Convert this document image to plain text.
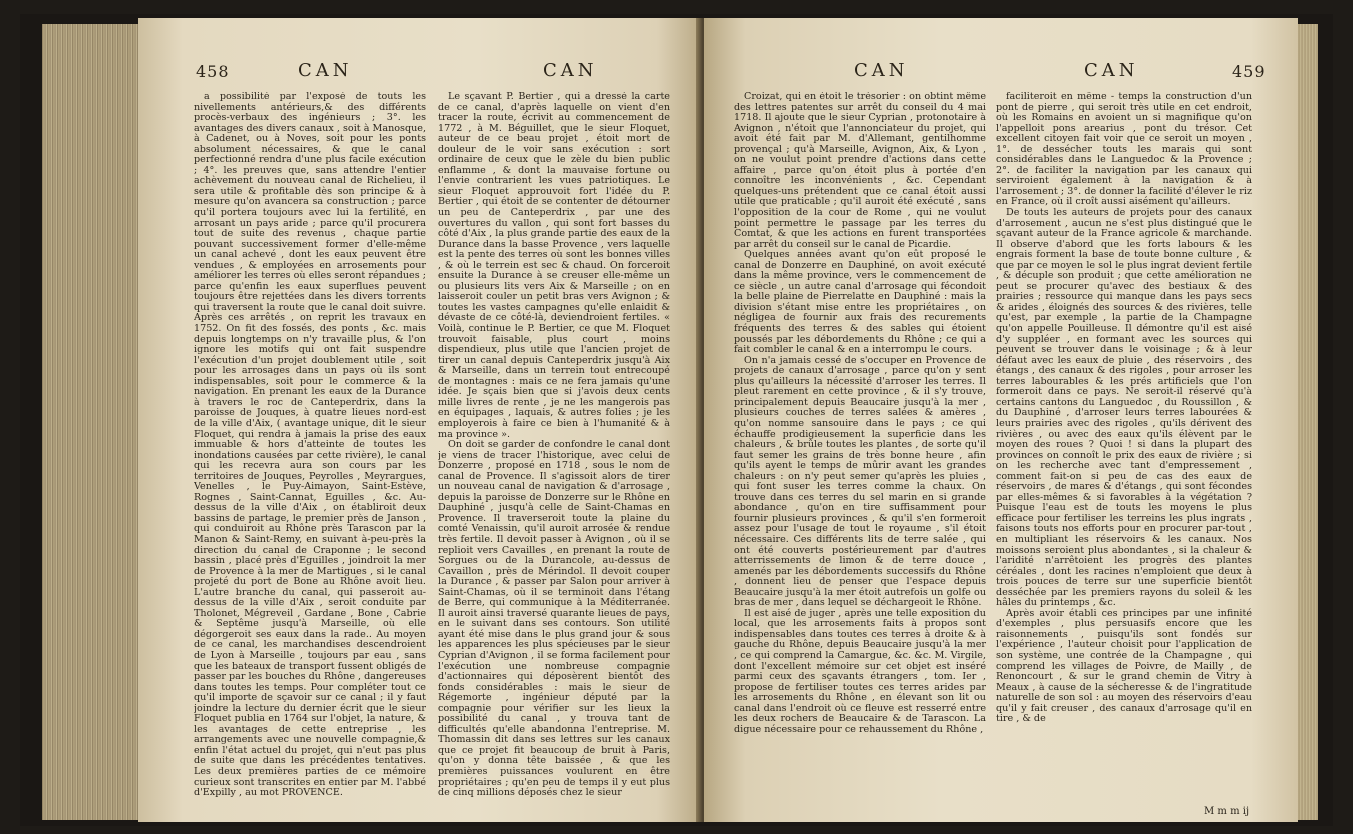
458	CAN	CAN

a possibilité par l'exposé de touts les nivellements antérieurs,& des différents procès-verbaux des ingénieurs ; 3°. les avantages des divers canaux , soit à Manosque, à Cadenet, ou à Noves, soit pour les ponts absolument nécessaires, & que le canal perfectionné rendra d'une plus facile exécution ; 4°. les preuves que, sans attendre l'entier achèvement du nouveau canal de Richelieu, il sera utile & profitable dès son principe & à mesure qu'on avancera sa construction ; parce qu'il portera toujours avec lui la fertilité, en arrosant un pays aride ; parce qu'il procurera tout de suite des revenus , chaque partie pouvant successivement former d'elle-même un canal achevé , dont les eaux peuvent être vendues , & employées en arrosements pour améliorer les terres où elles seront répandues ; parce qu'enfin les eaux superflues peuvent toujours être rejettées dans les divers torrents qui traversent la route que le canal doit suivre. Après ces arrêtés , on reprit les travaux en 1752. On fit des fossés, des ponts , &c. mais depuis longtemps on n'y travaille plus, & l'on ignore les motifs qui ont fait suspendre l'exécution d'un projet doublement utile , soit pour les arrosages dans un pays où ils sont indispensables, soit pour le commerce & la navigation. En prenant les eaux de la Durance à travers le roc de Canteperdrix, dans la paroisse de Jouques, à quatre lieues nord-est de la ville d'Aix, ( avantage unique, dit le sieur Floquet, qui rendra à jamais la prise des eaux immuable & hors d'atteinte de toutes les inondations causées par cette rivière), le canal qui les recevra aura son cours par les territoires de Jouques, Peyrolles , Meyrargues, Venelles , le Puy-Aimayon, Saint-Estève, Rognes , Saint-Cannat, Eguilles , &c. Au-dessus de la ville d'Aix , on établiroit deux bassins de partage, le premier près de Janson , qui conduiroit au Rhône près Tarascon par la Manon & Saint-Remy, en suivant à-peu-près la direction du canal de Craponne ; le second bassin , placé près d'Eguilles , joindroit la mer de Provence à la mer de Martigues , si le canal projeté du port de Bone au Rhône avoit lieu. L'autre branche du canal, qui passeroit au-dessus de la ville d'Aix , seroit conduite par Tholonet, Mégreveil , Gardane , Bone , Cabrie & Septême jusqu'à Marseille, où elle dégorgeroit ses eaux dans la rade.. Au moyen de ce canal, les marchandises descendroient de Lyon à Marseille , toujours par eau , sans que les bateaux de transport fussent obligés de passer par les bouches du Rhône , dangereuses dans toutes les temps. Pour compléter tout ce qu'il importe de sçavoir sur ce canal ; il y faut joindre la lecture du dernier écrit que le sieur Floquet publia en 1764 sur l'objet, la nature, & les avantages de cette entreprise , les arrangements avec une nouvelle compagnie,& enfin l'état actuel du projet, qui n'eut pas plus de suite que dans les précédentes tentatives. Les deux premières parties de ce mémoire curieux sont transcrites en entier par M. l'abbé d'Expilly , au mot PROVENCE.

Le sçavant P. Bertier , qui a dressé la carte de ce canal, d'après laquelle on vient d'en tracer la route, écrivit au commencement de 1772 , à M. Béguillet, que le sieur Floquet, auteur de ce beau projet , étoit mort de douleur de le voir sans exécution : sort ordinaire de ceux que le zèle du bien public enflamme , & dont la mauvaise fortune ou l'envie contrarient les vues patriotiques. Le sieur Floquet approuvoit fort l'idée du P. Bertier , qui étoit de se contenter de détourner un peu de Canteperdrix , par une des ouvertures du vallon , qui sont fort basses du côté d'Aix , la plus grande partie des eaux de la Durance dans la basse Provence , vers laquelle est la pente des terres où sont les bonnes villes , & où le terrein est sec & chaud. On forceroit ensuite la Durance à se creuser elle-même un ou plusieurs lits vers Aix & Marseille ; on en laisseroit couler un petit bras vers Avignon ; & toutes les vastes campagnes qu'elle enlaidit & dévaste de ce côté-là, deviendroient fertiles. « Voilà, continue le P. Bertier, ce que M. Floquet trouvoit faisable, plus court , moins dispendieux, plus utile que l'ancien projet de tirer un canal depuis Canteperdrix jusqu'à Aix & Marseille, dans un terrein tout entrecoupé de montagnes : mais ce ne fera jamais qu'une idée. Je sçais bien que si j'avois deux cents mille livres de rente , je ne les mangerois pas en équipages , laquais, & autres folies ; je les employerois à faire ce bien à l'humanité & à ma province ».

On doit se garder de confondre le canal dont je viens de tracer l'historique, avec celui de Donzerre , proposé en 1718 , sous le nom de canal de Provence. Il s'agissoit alors de tirer un nouveau canal de navigation & d'arrosage , depuis la paroisse de Donzerre sur le Rhône en Dauphiné , jusqu'à celle de Saint-Chamas en Provence. Il traverseroit toute la plaine du comté Venaissin, qu'il auroit arrosée & rendue très fertile. Il devoit passer à Avignon , où il se replioit vers Cavailles , en prenant la route de Sorgues ou de la Durancole, au-dessus de Cavaillon , près de Mérindol. Il devoit couper la Durance , & passer par Salon pour arriver à Saint-Chamas, où il se terminoit dans l'étang de Berre, qui communique à la Méditerranée. Il auroit ainsi traversé quarante lieues de pays, en le suivant dans ses contours. Son utilité ayant été mise dans le plus grand jour & sous les apparences les plus spécieuses par le sieur Cyprian d'Avignon , il se forma facilement pour l'exécution une nombreuse compagnie d'actionnaires qui déposèrent bientôt des fonds considérables : mais le sieur de Régemorte , ingénieur député par la compagnie pour vérifier sur les lieux la possibilité du canal , y trouva tant de difficultés qu'elle abandonna l'entreprise. M. Thomassin dit dans ses lettres sur les canaux que ce projet fit beaucoup de bruit à Paris, qu'on y donna tête baissée , & que les premières puissances voulurent en être propriétaires ; qu'en peu de temps il y eut plus de cinq millions déposés chez le sieur

CAN	CAN	459

Croizat, qui en étoit le trésorier : on obtint même des lettres patentes sur arrêt du conseil du 4 mai 1718. Il ajoute que le sieur Cyprian , protonotaire à Avignon , n'étoit que l'annonciateur du projet, qui avoit été fait par M. d'Allemant, gentilhomme provençal ; qu'à Marseille, Avignon, Aix, & Lyon , on ne voulut point prendre d'actions dans cette affaire , parce qu'on étoit plus à portée d'en connoître les inconvénients , &c. Cependant quelques-uns prétendent que ce canal étoit aussi utile que praticable ; qu'il auroit été exécuté , sans l'opposition de la cour de Rome , qui ne voulut point permettre le passage par les terres du Comtat, & que les actions en furent transportées par arrêt du conseil sur le canal de Picardie.

Quelques années avant qu'on eût proposé le canal de Donzerre en Dauphiné, on avoit exécuté dans la même province, vers le commencement de ce siècle , un autre canal d'arrosage qui fécondoit la belle plaine de Pierrelatte en Dauphiné : mais la division s'étant mise entre les propriétaires , on négligea de fournir aux frais des recurements fréquents des terres & des sables qui étoient poussés par les débordements du Rhône ; ce qui a fait combler le canal & en a interrompu le cours.

On n'a jamais cessé de s'occuper en Provence de projets de canaux d'arrosage , parce qu'on y sent plus qu'ailleurs la nécessité d'arroser les terres. Il pleut rarement en cette province , & il s'y trouve, principalement depuis Beaucaire jusqu'à la mer , plusieurs couches de terres salées & amères , qu'on nomme sansouire dans le pays ; ce qui échauffe prodigieusement la superficie dans les chaleurs , & brûle toutes les plantes , de sorte qu'il faut semer les grains de très bonne heure , afin qu'ils ayent le temps de mûrir avant les grandes chaleurs : on n'y peut semer qu'après les pluies , qui font suser les terres comme la chaux. On trouve dans ces terres du sel marin en si grande abondance , qu'on en tire suffisamment pour fournir plusieurs provinces , & qu'il s'en formeroit assez pour l'usage de tout le royaume , s'il étoit nécessaire. Ces différents lits de terre salée , qui ont été couverts postérieurement par d'autres atterrissements de limon & de terre douce , amenés par les débordements successifs du Rhône , donnent lieu de penser que l'espace depuis Beaucaire jusqu'à la mer étoit autrefois un golfe ou bras de mer , dans lequel se déchargeoit le Rhône.

Il est aisé de juger , après une telle exposition du local, que les arrosements faits à propos sont indispensables dans toutes ces terres à droite & à gauche du Rhône, depuis Beaucaire jusqu'à la mer , ce qui comprend la Camargue, &c. &c. M. Virgile, dont l'excellent mémoire sur cet objet est inséré parmi ceux des sçavants étrangers , tom. Ier , propose de fertiliser toutes ces terres arides par les arrosements du Rhône , en élevant son lit ou canal dans l'endroit où ce fleuve est resserré entre les deux rochers de Beaucaire & de Tarascon. La digue nécessaire pour ce rehaussement du Rhône ,

faciliteroit en même - temps la construction d'un pont de pierre , qui seroit très utile en cet endroit, où les Romains en avoient un si magnifique qu'on l'appelloit pons arearius , pont du trésor. Cet excellent citoyen fait voir que ce seroit un moyen , 1°. de dessécher touts les marais qui sont considérables dans le Languedoc & la Provence ; 2°. de faciliter la navigation par les canaux qui serviroient également à la navigation & à l'arrosement ; 3°. de donner la facilité d'élever le riz en France, où il croît aussi aisément qu'ailleurs.

De touts les auteurs de projets pour des canaux d'arrosement , aucun ne s'est plus distingué que le sçavant auteur de la France agricole & marchande. Il observe d'abord que les forts labours & les engrais forment la base de toute bonne culture , & que par ce moyen le sol le plus ingrat devient fertile , & décuple son produit ; que cette amélioration ne peut se procurer qu'avec des bestiaux & des prairies ; ressource qui manque dans les pays secs & arides , éloignés des sources & des rivières, telle qu'est, par exemple , la partie de la Champagne qu'on appelle Pouilleuse. Il démontre qu'il est aisé d'y suppléer , en formant avec les sources qui peuvent se trouver dans le voisinage ; & à leur défaut avec les eaux de pluie , des réservoirs , des étangs , des canaux & des rigoles , pour arroser les terres labourables & les prés artificiels que l'on formeroit dans ce pays. Ne seroit-il réservé qu'à certains cantons du Languedoc , du Roussillon , & du Dauphiné , d'arroser leurs terres labourées & leurs prairies avec des rigoles , qu'ils dérivent des rivières , ou avec des eaux qu'ils élèvent par le moyen des roues ? Quoi ! si dans la plupart des provinces on connoît le prix des eaux de rivière ; si on les recherche avec tant d'empressement , comment fait-on si peu de cas des eaux de réservoirs , de mares & d'étangs , qui sont fécondes par elles-mêmes & si favorables à la végétation ? Puisque l'eau est de touts les moyens le plus efficace pour fertiliser les terreins les plus ingrats , faisons touts nos efforts pour en procurer par-tout , en multipliant les réservoirs & les canaux. Nos moissons seroient plus abondantes , si la chaleur & l'aridité n'arrêtoient les progrès des plantes céréales , dont les racines n'emploient que deux à trois pouces de terre sur une superficie bientôt desséchée par les premiers rayons du soleil & les hâles du printemps , &c.

Après avoir établi ces principes par une infinité d'exemples , plus persuasifs encore que les raisonnements , puisqu'ils sont fondés sur l'expérience , l'auteur choisit pour l'application de son système, une contrée de la Champagne , qui comprend les villages de Poivre, de Mailly , de Renoncourt , & sur le grand chemin de Vitry à Meaux , à cause de la sécheresse & de l'ingratitude naturelle de son sol : au moyen des réservoirs d'eau qu'il y fait creuser , des canaux d'arrosage qu'il en tire , & de

M m m ij
